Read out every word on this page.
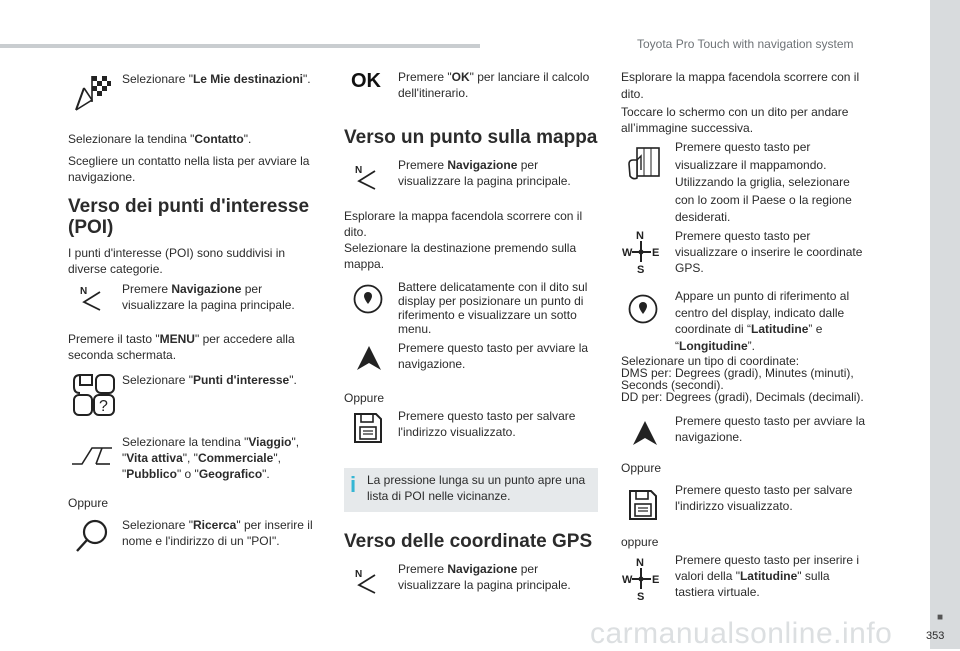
Toyota Pro Touch with navigation system
■
353
carmanualsonline.info
Selezionare "Le Mie destinazioni".
Selezionare la tendina "Contatto".
Scegliere un contatto nella lista per avviare la navigazione.
Verso dei punti d'interesse
(POI)
I punti d'interesse (POI) sono suddivisi in diverse categorie.
N	Premere Navigazione per visualizzare la pagina principale.
Premere il tasto "MENU" per accedere alla seconda schermata.
?
Selezionare "Punti d'interesse".
Selezionare la tendina "Viaggio", "Vita attiva", "Commerciale", "Pubblico" o "Geografico".
Oppure
Selezionare "Ricerca" per inserire il nome e l'indirizzo di un "POI".
OK Premere "OK" per lanciare il calcolo dell'itinerario.
Verso un punto sulla mappa
N	Premere Navigazione per visualizzare la pagina principale.
Esplorare la mappa facendola scorrere con il dito.
Selezionare la destinazione premendo sulla mappa.
Battere delicatamente con il dito sul display per posizionare un punto di riferimento e visualizzare un sotto menu.
Premere questo tasto per avviare la navigazione.
Oppure
Premere questo tasto per salvare l'indirizzo visualizzato.
i La pressione lunga su un punto apre una lista di POI nelle vicinanze.
Verso delle coordinate GPS
N	Premere Navigazione per visualizzare la pagina principale.
Esplorare la mappa facendola scorrere con il dito.
Toccare lo schermo con un dito per andare all’immagine successiva.
Premere questo tasto per visualizzare il mappamondo. Utilizzando la griglia, selezionare con lo zoom il Paese o la regione desiderati.
N
W E
S
Premere questo tasto per visualizzare o inserire le coordinate GPS.
Appare un punto di riferimento al centro del display, indicato dalle coordinate di “Latitudine” e “Longitudine”.
Selezionare un tipo di coordinate:
DMS per: Degrees (gradi), Minutes (minuti), Seconds (secondi).
DD per: Degrees (gradi), Decimals (decimali).
Premere questo tasto per avviare la navigazione.
Oppure
Premere questo tasto per salvare l'indirizzo visualizzato.
oppure
N
W E
S
Premere questo tasto per inserire i valori della "Latitudine" sulla tastiera virtuale.
